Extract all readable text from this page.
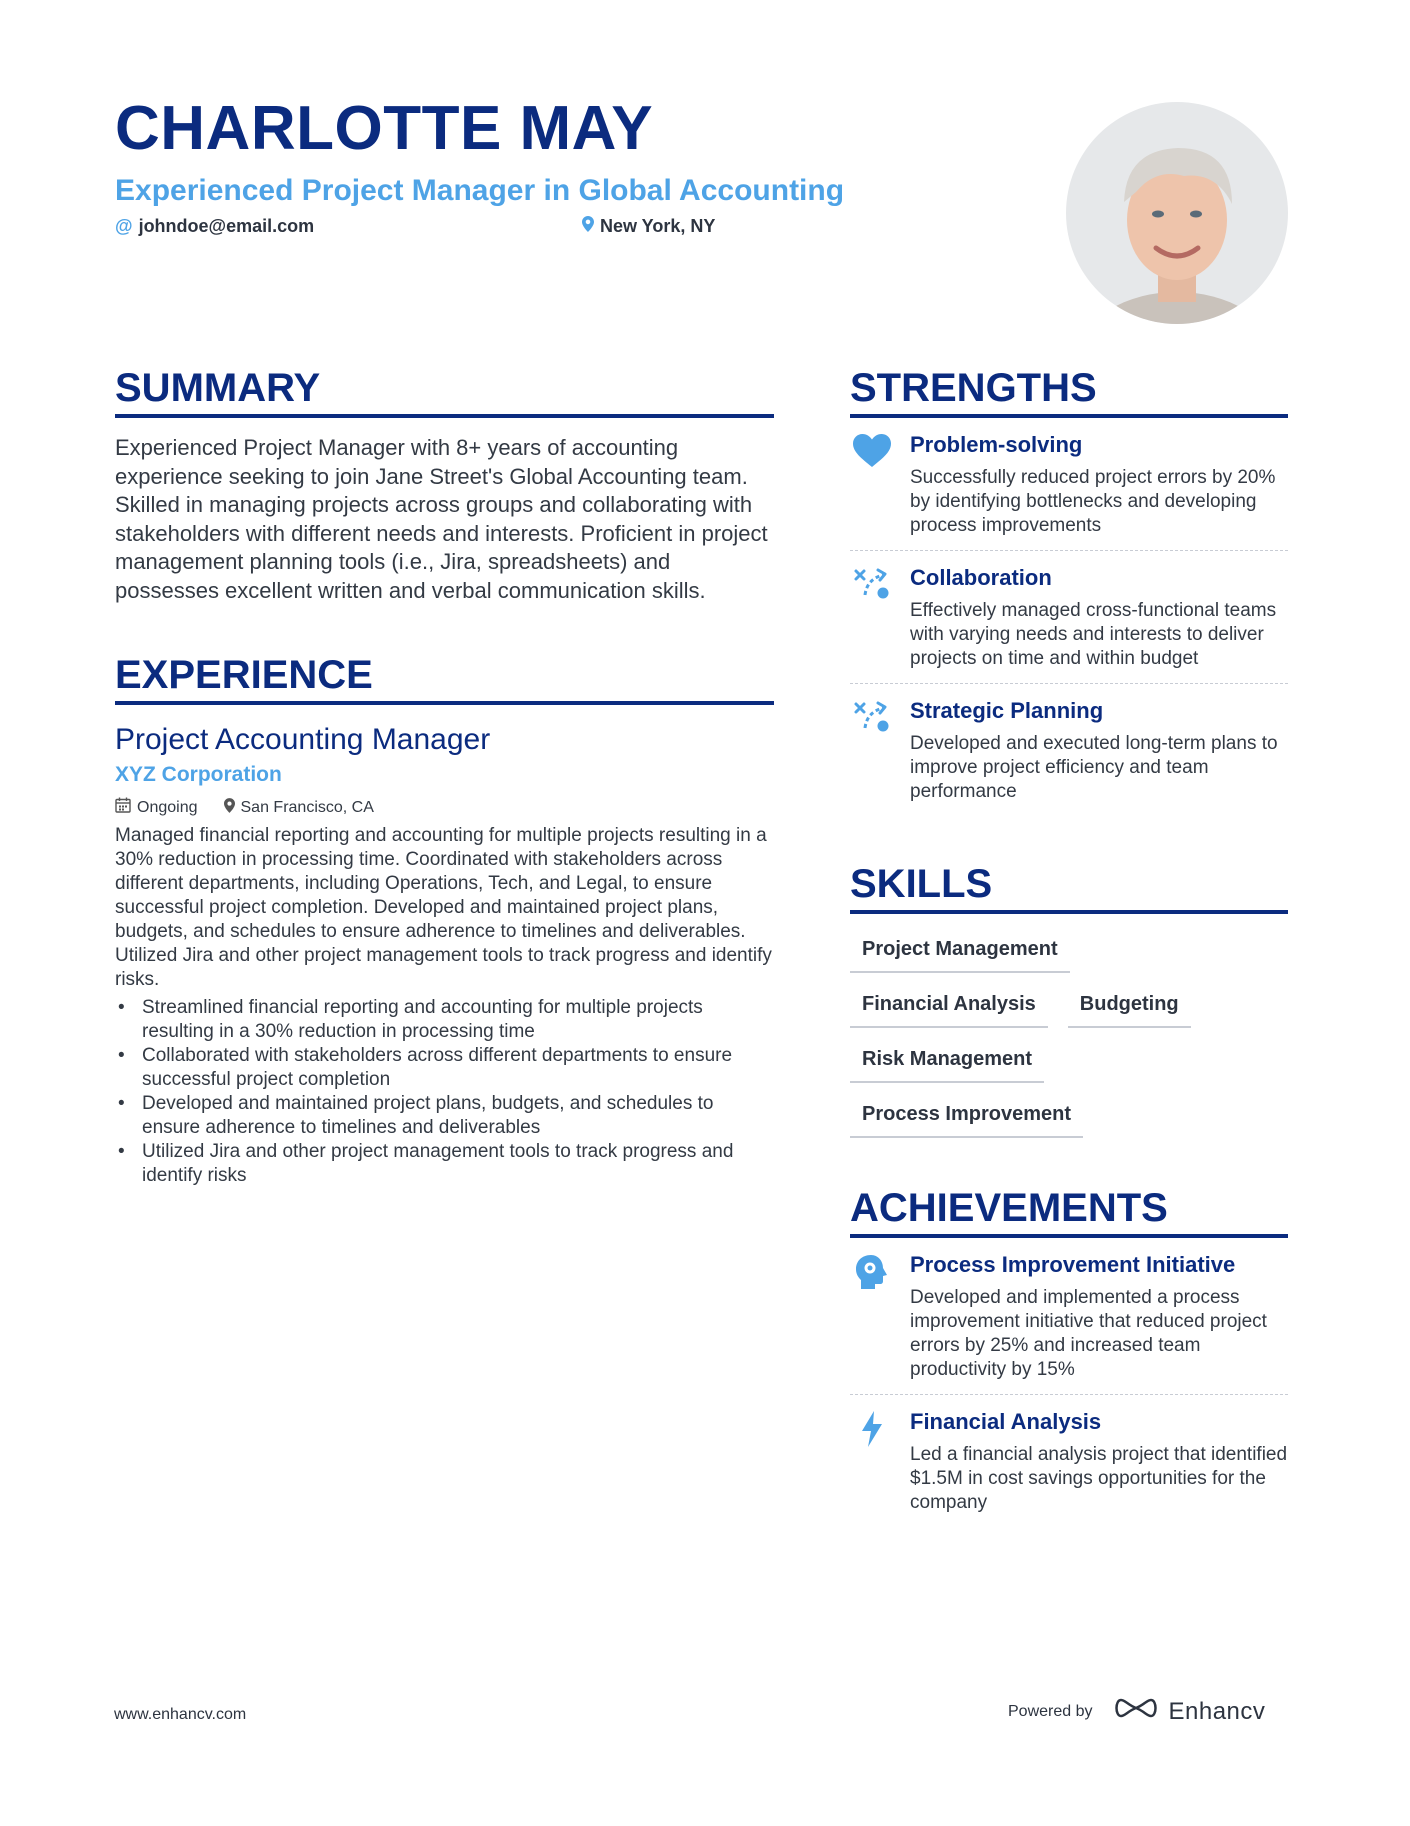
CHARLOTTE MAY
Experienced Project Manager in Global Accounting
@ johndoe@email.com	New York, NY
SUMMARY
Experienced Project Manager with 8+ years of accounting experience seeking to join Jane Street's Global Accounting team. Skilled in managing projects across groups and collaborating with stakeholders with different needs and interests. Proficient in project management planning tools (i.e., Jira, spreadsheets) and possesses excellent written and verbal communication skills.
EXPERIENCE
Project Accounting Manager
XYZ Corporation
Ongoing	San Francisco, CA
Managed financial reporting and accounting for multiple projects resulting in a 30% reduction in processing time. Coordinated with stakeholders across different departments, including Operations, Tech, and Legal, to ensure successful project completion. Developed and maintained project plans, budgets, and schedules to ensure adherence to timelines and deliverables. Utilized Jira and other project management tools to track progress and identify risks.
• Streamlined financial reporting and accounting for multiple projects resulting in a 30% reduction in processing time
• Collaborated with stakeholders across different departments to ensure successful project completion
• Developed and maintained project plans, budgets, and schedules to ensure adherence to timelines and deliverables
• Utilized Jira and other project management tools to track progress and identify risks
STRENGTHS
Problem-solving
Successfully reduced project errors by 20% by identifying bottlenecks and developing process improvements
Collaboration
Effectively managed cross-functional teams with varying needs and interests to deliver projects on time and within budget
Strategic Planning
Developed and executed long-term plans to improve project efficiency and team performance
SKILLS
Project Management
Financial Analysis	Budgeting
Risk Management
Process Improvement
ACHIEVEMENTS
Process Improvement Initiative
Developed and implemented a process improvement initiative that reduced project errors by 25% and increased team productivity by 15%
Financial Analysis
Led a financial analysis project that identified $1.5M in cost savings opportunities for the company
www.enhancv.com	Powered by	Enhancv
